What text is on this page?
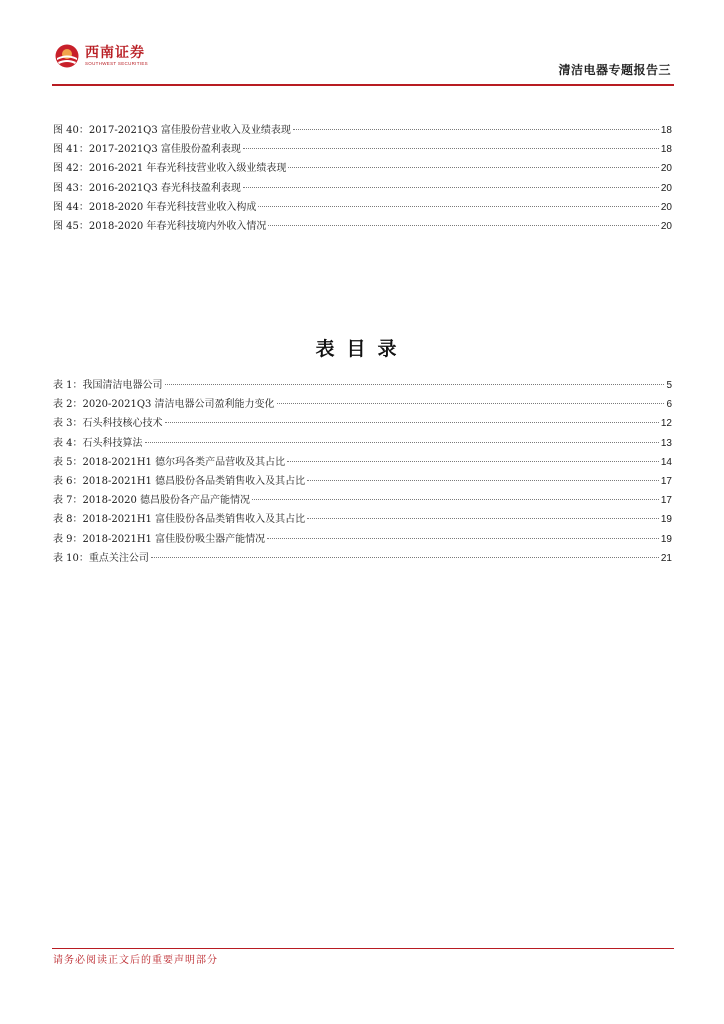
西南证券
SOUTHWEST SECURITIES	清洁电器专题报告三
图 40：2017-2021Q3 富佳股份营业收入及业绩表现	18
图 41：2017-2021Q3 富佳股份盈利表现	18
图 42：2016-2021 年春光科技营业收入级业绩表现	20
图 43：2016-2021Q3 春光科技盈利表现	20
图 44：2018-2020 年春光科技营业收入构成	20
图 45：2018-2020 年春光科技境内外收入情况	20
表目录
表 1：我国清洁电器公司	5
表 2：2020-2021Q3 清洁电器公司盈利能力变化	6
表 3：石头科技核心技术	12
表 4：石头科技算法	13
表 5：2018-2021H1 德尔玛各类产品营收及其占比	14
表 6：2018-2021H1 德昌股份各品类销售收入及其占比	17
表 7：2018-2020 德昌股份各产品产能情况	17
表 8：2018-2021H1 富佳股份各品类销售收入及其占比	19
表 9：2018-2021H1 富佳股份吸尘器产能情况	19
表 10：重点关注公司	21
请务必阅读正文后的重要声明部分
